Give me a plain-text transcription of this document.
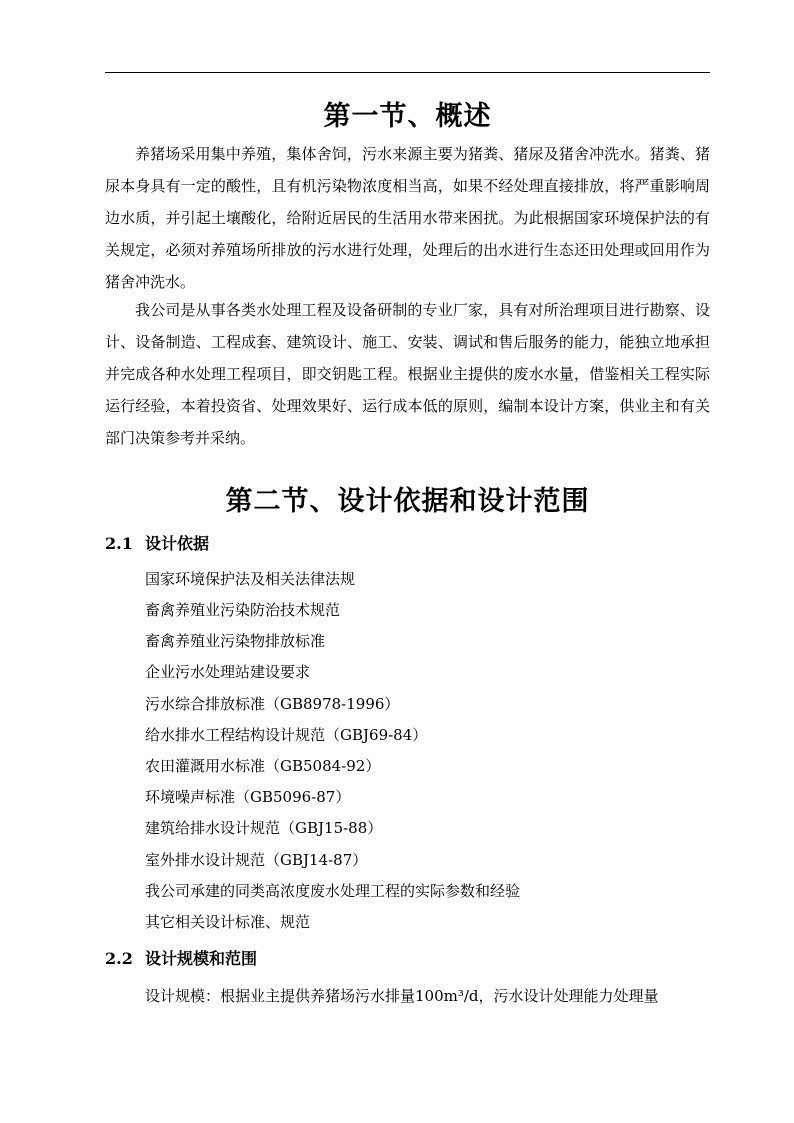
第一节、概述
养猪场采用集中养殖，集体舍饲，污水来源主要为猪粪、猪尿及猪舍冲洗水。猪粪、猪尿本身具有一定的酸性，且有机污染物浓度相当高，如果不经处理直接排放，将严重影响周边水质，并引起土壤酸化，给附近居民的生活用水带来困扰。为此根据国家环境保护法的有关规定，必须对养殖场所排放的污水进行处理，处理后的出水进行生态还田处理或回用作为猪舍冲洗水。
我公司是从事各类水处理工程及设备研制的专业厂家，具有对所治理项目进行勘察、设计、设备制造、工程成套、建筑设计、施工、安装、调试和售后服务的能力，能独立地承担并完成各种水处理工程项目，即交钥匙工程。根据业主提供的废水水量，借鉴相关工程实际运行经验，本着投资省、处理效果好、运行成本低的原则，编制本设计方案，供业主和有关部门决策参考并采纳。
第二节、设计依据和设计范围
2.1 设计依据
国家环境保护法及相关法律法规
畜禽养殖业污染防治技术规范
畜禽养殖业污染物排放标准
企业污水处理站建设要求
污水综合排放标准（GB8978-1996）
给水排水工程结构设计规范（GBJ69-84）
农田灌溉用水标准（GB5084-92）
环境噪声标准（GB5096-87）
建筑给排水设计规范（GBJ15-88）
室外排水设计规范（GBJ14-87）
我公司承建的同类高浓度废水处理工程的实际参数和经验
其它相关设计标准、规范
2.2 设计规模和范围
设计规模：根据业主提供养猪场污水排量100m³/d，污水设计处理能力处理量
